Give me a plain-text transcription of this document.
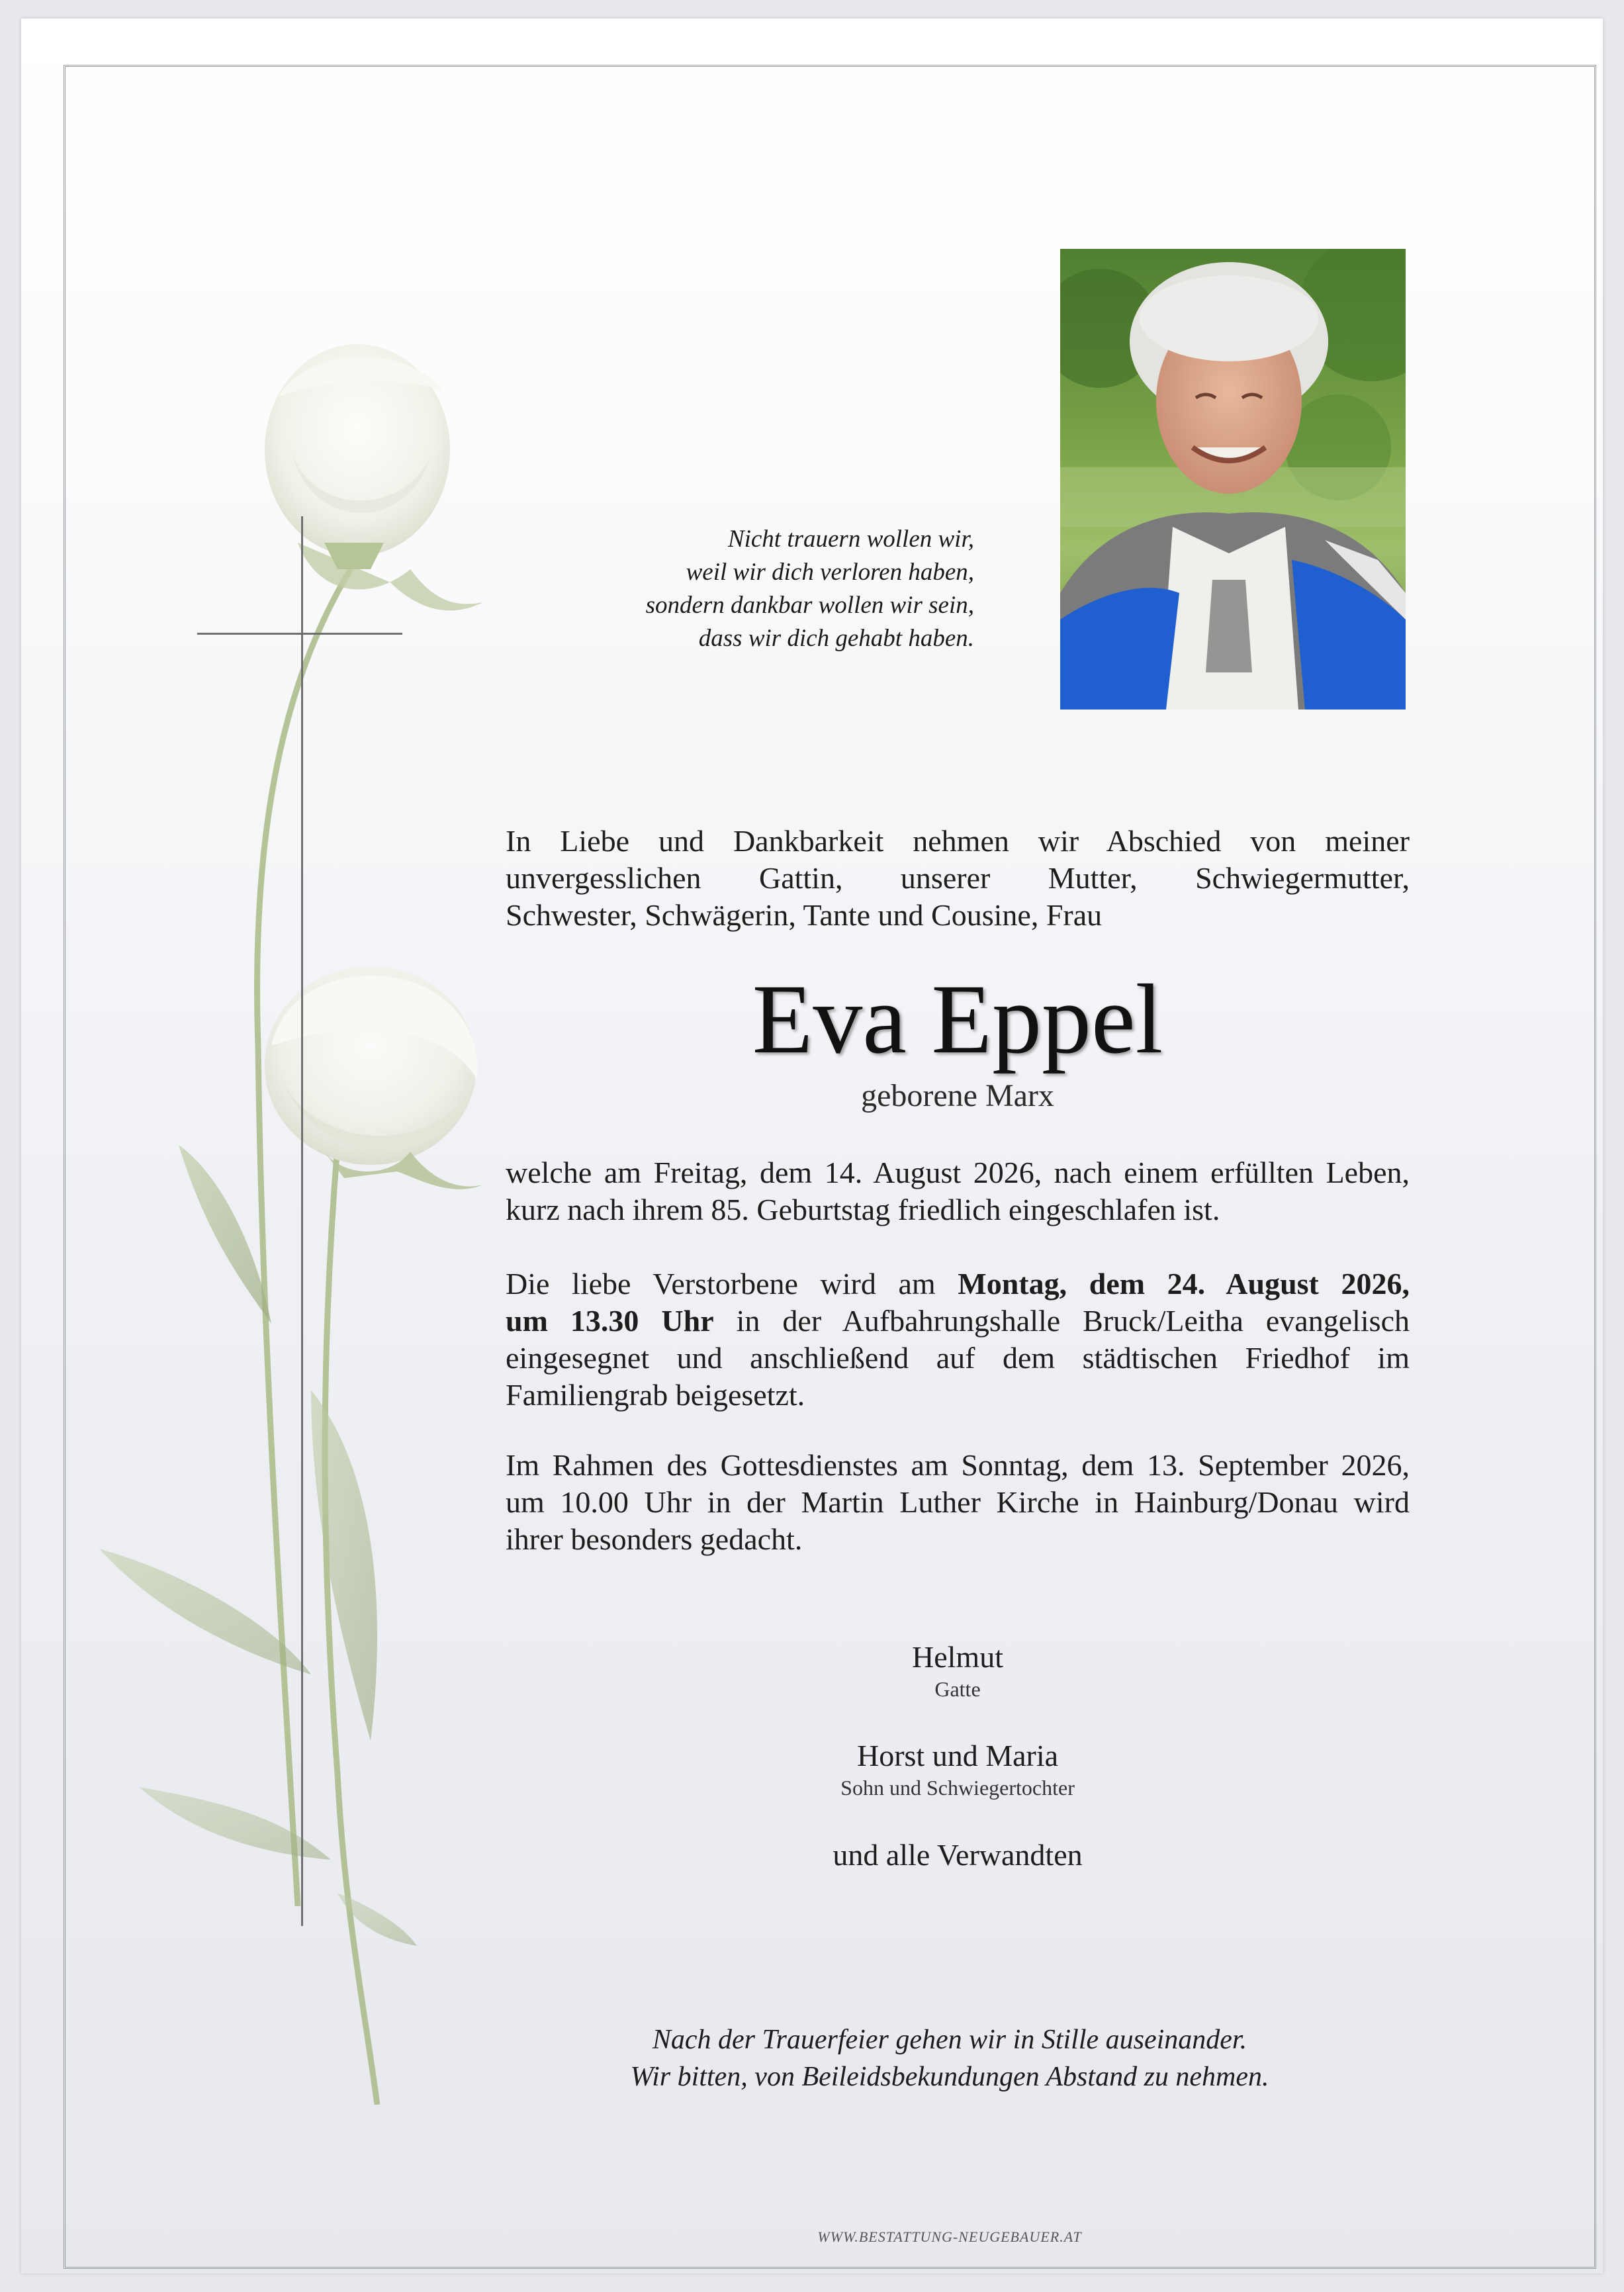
Nicht trauern wollen wir,
weil wir dich verloren haben,
sondern dankbar wollen wir sein,
dass wir dich gehabt haben.
In Liebe und Dankbarkeit nehmen wir Abschied von meiner
unvergesslichen Gattin, unserer Mutter, Schwiegermutter,
Schwester, Schwägerin, Tante und Cousine, Frau
Eva Eppel
geborene Marx
welche am Freitag, dem 14. August 2026, nach einem erfüllten Leben,
kurz nach ihrem 85. Geburtstag friedlich eingeschlafen ist.
Die liebe Verstorbene wird am Montag, dem 24. August 2026,
um 13.30 Uhr in der Aufbahrungshalle Bruck/Leitha evangelisch
eingesegnet und anschließend auf dem städtischen Friedhof im
Familiengrab beigesetzt.
Im Rahmen des Gottesdienstes am Sonntag, dem 13. September 2026,
um 10.00 Uhr in der Martin Luther Kirche in Hainburg/Donau wird
ihrer besonders gedacht.
Helmut
Gatte
Horst und Maria
Sohn und Schwiegertochter
und alle Verwandten
Nach der Trauerfeier gehen wir in Stille auseinander.
Wir bitten, von Beileidsbekundungen Abstand zu nehmen.
WWW.BESTATTUNG-NEUGEBAUER.AT
